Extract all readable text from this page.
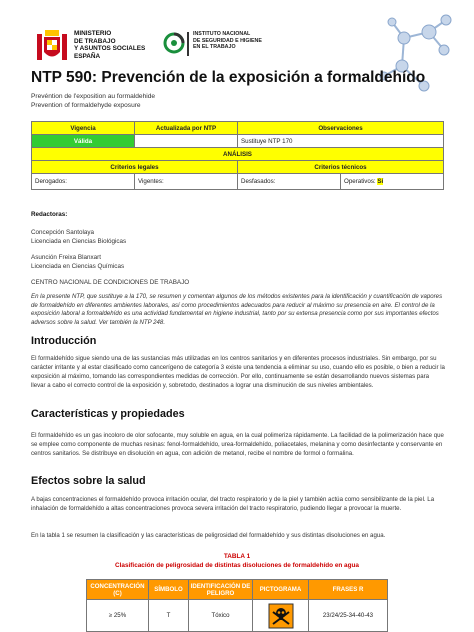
MINISTERIO
DE TRABAJO
Y ASUNTOS SOCIALES
ESPAÑA
INSTITUTO NACIONAL
DE SEGURIDAD E HIGIENE
EN EL TRABAJO
NTP 590: Prevención de la exposición a formaldehído
Prevéntion de l'exposition au formaldehide
Prevention of formaldehyde exposure
Vigencia	Actualizada por NTP	Observaciones	
Válida		Sustituye NTP 170	
ANÁLISIS			
Criterios legales		Criterios técnicos	
Derogados:	Vigentes:	Desfasados:	Operativos: Sí
Redactoras:
Concepción Santolaya
Licenciada en Ciencias Biológicas
Asunción Freixa Blanxart
Licenciada en Ciencias Químicas
CENTRO NACIONAL DE CONDICIONES DE TRABAJO
En la presente NTP, que sustituye a la 170, se resumen y comentan algunos de los métodos existentes para la identificación y cuantificación de vapores de formaldehído en diferentes ambientes laborales, así como procedimientos adecuados para reducir al máximo su presencia en aire. El control de la exposición laboral a formaldehído es una actividad fundamental en higiene industrial, tanto por su extensa presencia como por sus importantes efectos adversos sobre la salud. Ver también la NTP 248.
Introducción
El formaldehído sigue siendo una de las sustancias más utilizadas en los centros sanitarios y en diferentes procesos industriales. Sin embargo, por su carácter irritante y al estar clasificado como cancerígeno de categoría 3 existe una tendencia a eliminar su uso, cuando ello es posible, o bien a reducir la exposición al máximo, tomando las correspondientes medidas de corrección. Por ello, continuamente se están desarrollando nuevos sistemas para llevar a cabo el correcto control de la exposición y, sobretodo, destinados a lograr una disminución de sus niveles ambientales.
Características y propiedades
El formaldehído es un gas incoloro de olor sofocante, muy soluble en agua, en la cual polimeriza rápidamente. La facilidad de la polimerización hace que se emplee como componente de muchas resinas: fenol-formaldehído, urea-formaldehído, poliacetales, melanina y como desinfectante y conservante en centros sanitarios. Se distribuye en disolución en agua, con adición de metanol, recibe el nombre de formol o formalina.
Efectos sobre la salud
A bajas concentraciones el formaldehído provoca irritación ocular, del tracto respiratorio y de la piel y también actúa como sensibilizante de la piel. La inhalación de formaldehído a altas concentraciones provoca severa irritación del tracto respiratorio, pudiendo llegar a provocar la muerte.
En la tabla 1 se resumen la clasificación y las características de peligrosidad del formaldehído y sus distintas disoluciones en agua.
TABLA 1
Clasificación de peligrosidad de distintas disoluciones de formaldehído en agua
CONCENTRACIÓN (C)	SÍMBOLO	IDENTIFICACIÓN DE PELIGRO	PICTOGRAMA	FRASES R
≥ 25%	T	Tóxico		23/24/25-34-40-43
